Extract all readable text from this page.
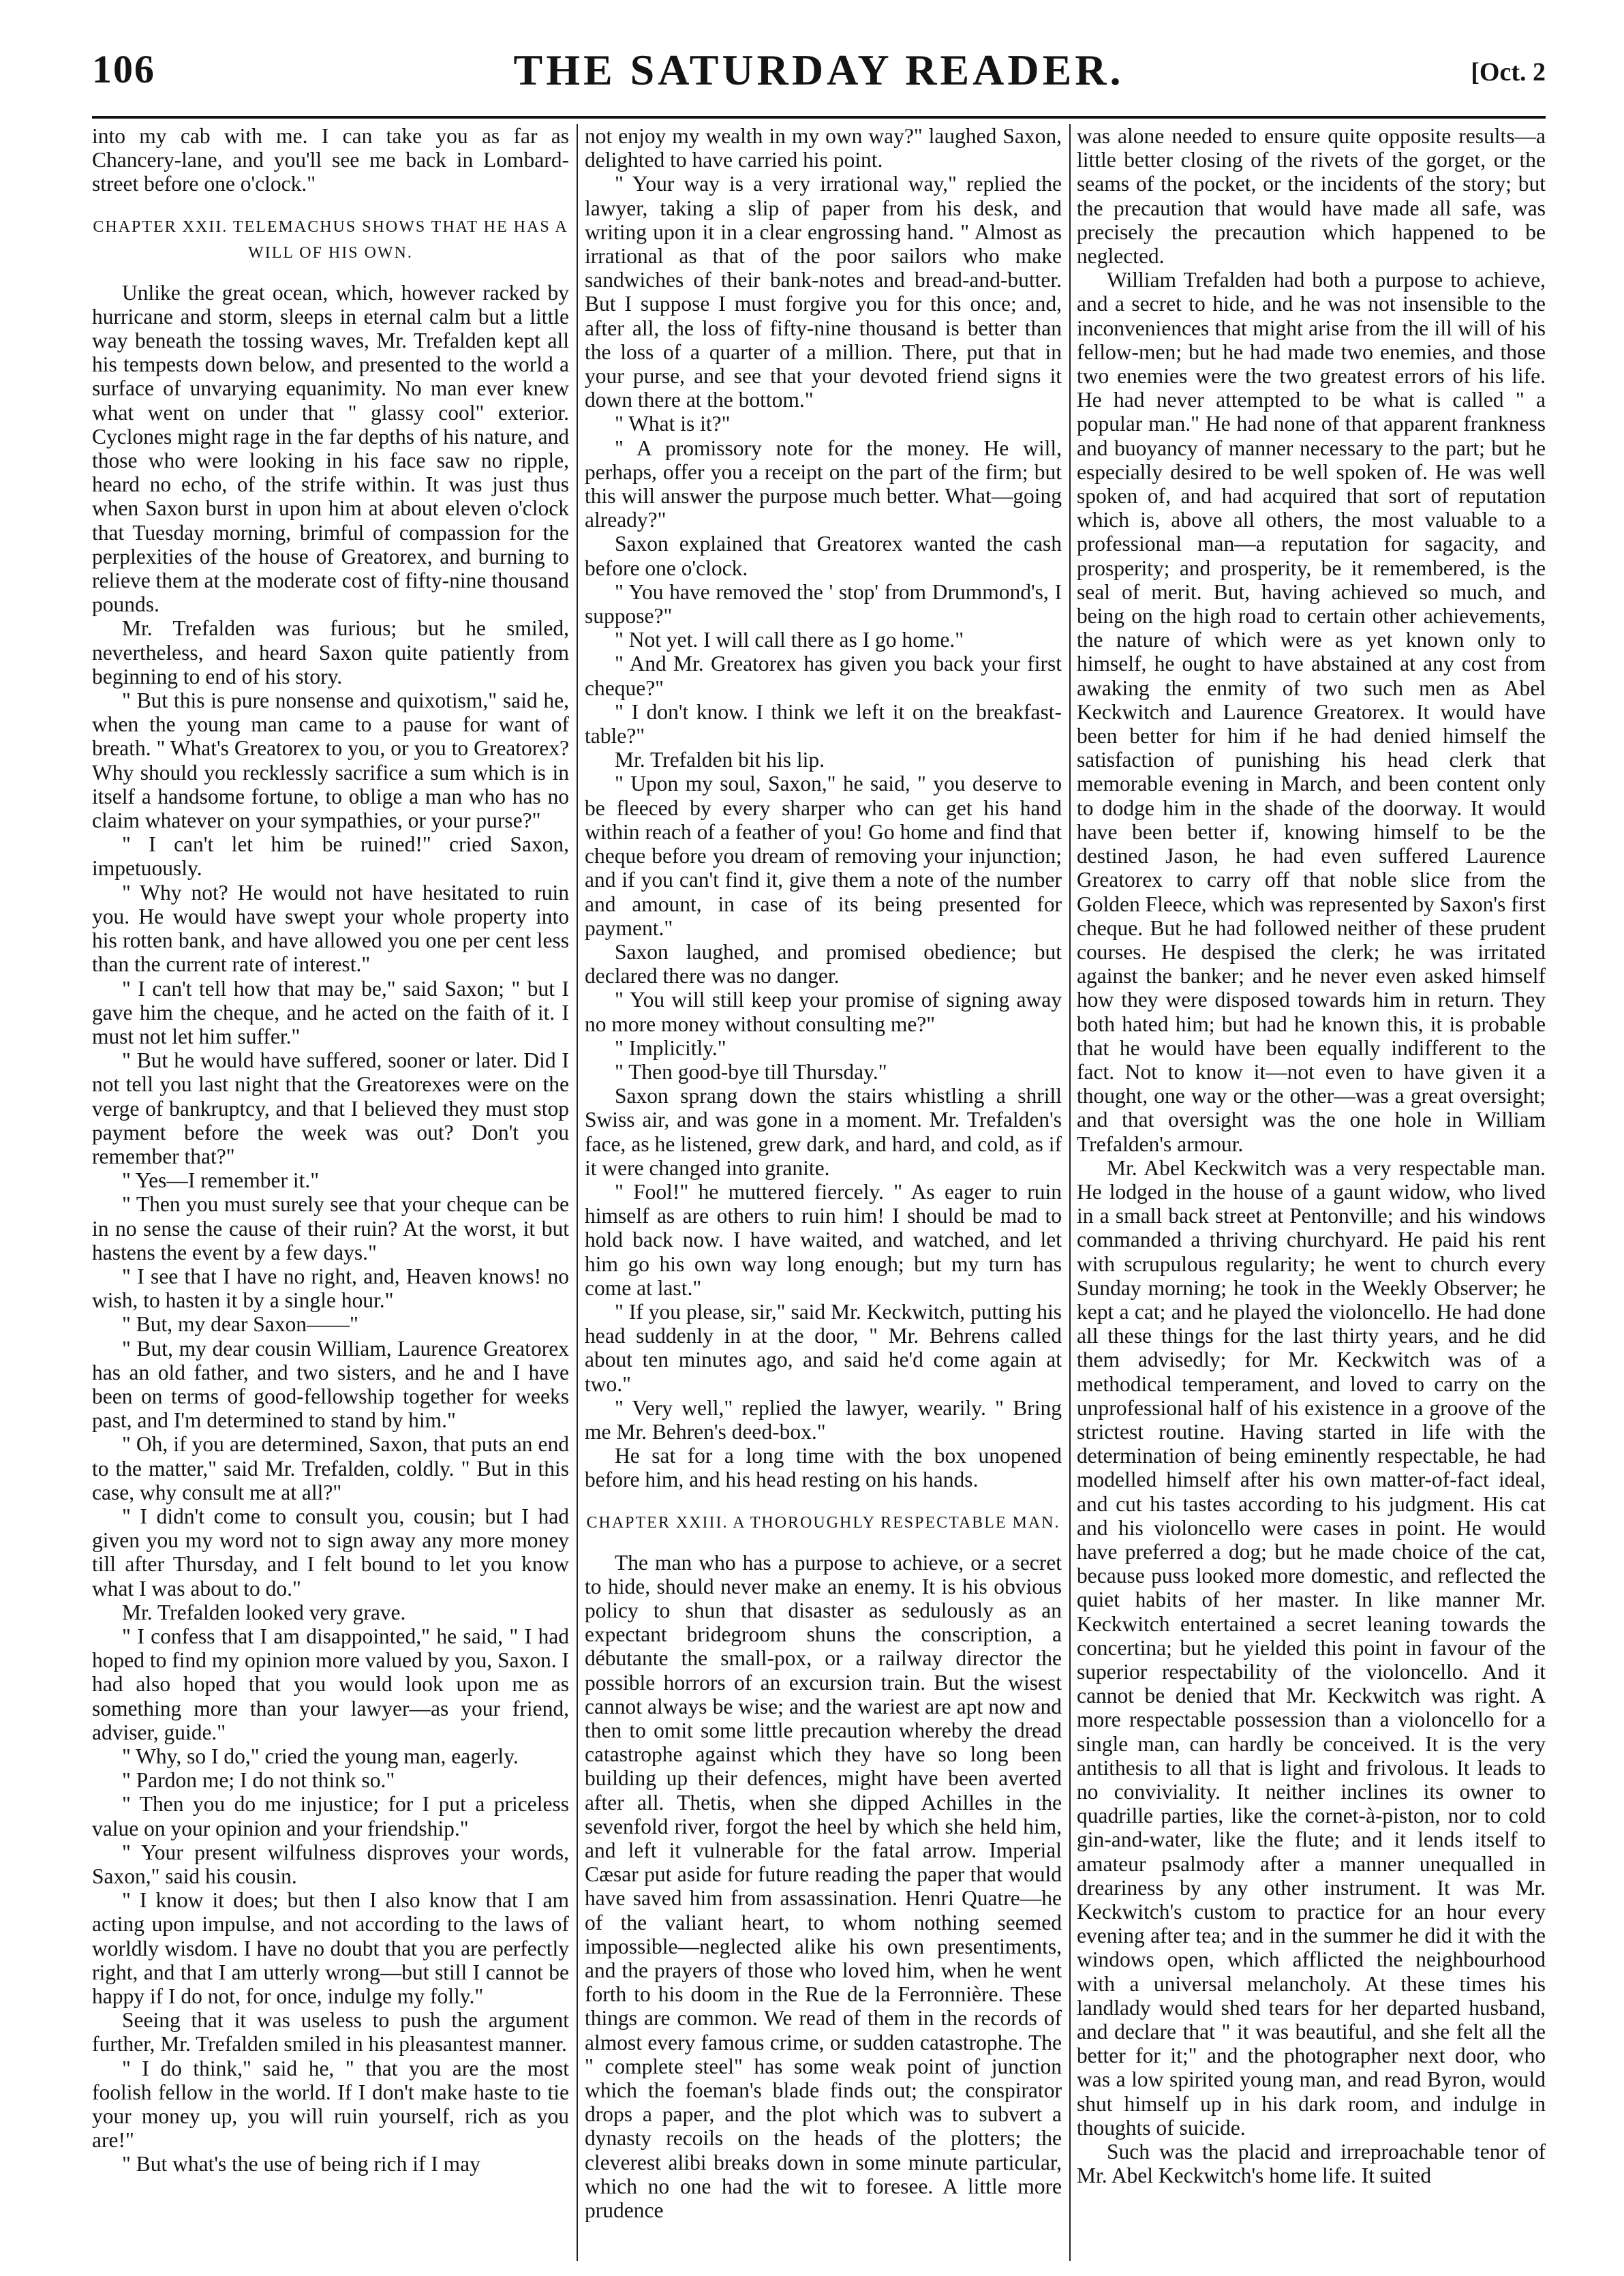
106	THE SATURDAY READER.	[Oct. 2

into my cab with me. I can take you as far as Chancery-lane, and you'll see me back in Lombard-street before one o'clock."

CHAPTER XXII. TELEMACHUS SHOWS THAT HE HAS A WILL OF HIS OWN.

Unlike the great ocean, which, however racked by hurricane and storm, sleeps in eternal calm but a little way beneath the tossing waves, Mr. Trefalden kept all his tempests down below, and presented to the world a surface of unvarying equanimity. No man ever knew what went on under that " glassy cool" exterior. Cyclones might rage in the far depths of his nature, and those who were looking in his face saw no ripple, heard no echo, of the strife within. It was just thus when Saxon burst in upon him at about eleven o'clock that Tuesday morning, brimful of compassion for the perplexities of the house of Greatorex, and burning to relieve them at the moderate cost of fifty-nine thousand pounds.

Mr. Trefalden was furious; but he smiled, nevertheless, and heard Saxon quite patiently from beginning to end of his story.

" But this is pure nonsense and quixotism," said he, when the young man came to a pause for want of breath. " What's Greatorex to you, or you to Greatorex? Why should you recklessly sacrifice a sum which is in itself a handsome fortune, to oblige a man who has no claim whatever on your sympathies, or your purse?"

" I can't let him be ruined!" cried Saxon, impetuously.

" Why not? He would not have hesitated to ruin you. He would have swept your whole property into his rotten bank, and have allowed you one per cent less than the current rate of interest."

" I can't tell how that may be," said Saxon; " but I gave him the cheque, and he acted on the faith of it. I must not let him suffer."

" But he would have suffered, sooner or later. Did I not tell you last night that the Greatorexes were on the verge of bankruptcy, and that I believed they must stop payment before the week was out? Don't you remember that?"

" Yes—I remember it."

" Then you must surely see that your cheque can be in no sense the cause of their ruin? At the worst, it but hastens the event by a few days."

" I see that I have no right, and, Heaven knows! no wish, to hasten it by a single hour."

" But, my dear Saxon——"

" But, my dear cousin William, Laurence Greatorex has an old father, and two sisters, and he and I have been on terms of good-fellowship together for weeks past, and I'm determined to stand by him."

" Oh, if you are determined, Saxon, that puts an end to the matter," said Mr. Trefalden, coldly. " But in this case, why consult me at all?"

" I didn't come to consult you, cousin; but I had given you my word not to sign away any more money till after Thursday, and I felt bound to let you know what I was about to do."

Mr. Trefalden looked very grave.

" I confess that I am disappointed," he said, " I had hoped to find my opinion more valued by you, Saxon. I had also hoped that you would look upon me as something more than your lawyer—as your friend, adviser, guide."

" Why, so I do," cried the young man, eagerly.

" Pardon me; I do not think so."

" Then you do me injustice; for I put a priceless value on your opinion and your friendship."

" Your present wilfulness disproves your words, Saxon," said his cousin.

" I know it does; but then I also know that I am acting upon impulse, and not according to the laws of worldly wisdom. I have no doubt that you are perfectly right, and that I am utterly wrong—but still I cannot be happy if I do not, for once, indulge my folly."

Seeing that it was useless to push the argument further, Mr. Trefalden smiled in his pleasantest manner.

" I do think," said he, " that you are the most foolish fellow in the world. If I don't make haste to tie your money up, you will ruin yourself, rich as you are!"

" But what's the use of being rich if I may

not enjoy my wealth in my own way?" laughed Saxon, delighted to have carried his point.

" Your way is a very irrational way," replied the lawyer, taking a slip of paper from his desk, and writing upon it in a clear engrossing hand. " Almost as irrational as that of the poor sailors who make sandwiches of their bank-notes and bread-and-butter. But I suppose I must forgive you for this once; and, after all, the loss of fifty-nine thousand is better than the loss of a quarter of a million. There, put that in your purse, and see that your devoted friend signs it down there at the bottom."

" What is it?"

" A promissory note for the money. He will, perhaps, offer you a receipt on the part of the firm; but this will answer the purpose much better. What—going already?"

Saxon explained that Greatorex wanted the cash before one o'clock.

" You have removed the ' stop' from Drummond's, I suppose?"

" Not yet. I will call there as I go home."

" And Mr. Greatorex has given you back your first cheque?"

" I don't know. I think we left it on the breakfast-table?"

Mr. Trefalden bit his lip.

" Upon my soul, Saxon," he said, " you deserve to be fleeced by every sharper who can get his hand within reach of a feather of you! Go home and find that cheque before you dream of removing your injunction; and if you can't find it, give them a note of the number and amount, in case of its being presented for payment."

Saxon laughed, and promised obedience; but declared there was no danger.

" You will still keep your promise of signing away no more money without consulting me?"

" Implicitly."

" Then good-bye till Thursday."

Saxon sprang down the stairs whistling a shrill Swiss air, and was gone in a moment. Mr. Trefalden's face, as he listened, grew dark, and hard, and cold, as if it were changed into granite.

" Fool!" he muttered fiercely. " As eager to ruin himself as are others to ruin him! I should be mad to hold back now. I have waited, and watched, and let him go his own way long enough; but my turn has come at last."

" If you please, sir," said Mr. Keckwitch, putting his head suddenly in at the door, " Mr. Behrens called about ten minutes ago, and said he'd come again at two."

" Very well," replied the lawyer, wearily. " Bring me Mr. Behren's deed-box."

He sat for a long time with the box unopened before him, and his head resting on his hands.

CHAPTER XXIII. A THOROUGHLY RESPECTABLE MAN.

The man who has a purpose to achieve, or a secret to hide, should never make an enemy. It is his obvious policy to shun that disaster as sedulously as an expectant bridegroom shuns the conscription, a débutante the small-pox, or a railway director the possible horrors of an excursion train. But the wisest cannot always be wise; and the wariest are apt now and then to omit some little precaution whereby the dread catastrophe against which they have so long been building up their defences, might have been averted after all. Thetis, when she dipped Achilles in the sevenfold river, forgot the heel by which she held him, and left it vulnerable for the fatal arrow. Imperial Cæsar put aside for future reading the paper that would have saved him from assassination. Henri Quatre—he of the valiant heart, to whom nothing seemed impossible—neglected alike his own presentiments, and the prayers of those who loved him, when he went forth to his doom in the Rue de la Ferronnière. These things are common. We read of them in the records of almost every famous crime, or sudden catastrophe. The " complete steel" has some weak point of junction which the foeman's blade finds out; the conspirator drops a paper, and the plot which was to subvert a dynasty recoils on the heads of the plotters; the cleverest alibi breaks down in some minute particular, which no one had the wit to foresee. A little more prudence

was alone needed to ensure quite opposite results—a little better closing of the rivets of the gorget, or the seams of the pocket, or the incidents of the story; but the precaution that would have made all safe, was precisely the precaution which happened to be neglected.

William Trefalden had both a purpose to achieve, and a secret to hide, and he was not insensible to the inconveniences that might arise from the ill will of his fellow-men; but he had made two enemies, and those two enemies were the two greatest errors of his life. He had never attempted to be what is called " a popular man." He had none of that apparent frankness and buoyancy of manner necessary to the part; but he especially desired to be well spoken of. He was well spoken of, and had acquired that sort of reputation which is, above all others, the most valuable to a professional man—a reputation for sagacity, and prosperity; and prosperity, be it remembered, is the seal of merit. But, having achieved so much, and being on the high road to certain other achievements, the nature of which were as yet known only to himself, he ought to have abstained at any cost from awaking the enmity of two such men as Abel Keckwitch and Laurence Greatorex. It would have been better for him if he had denied himself the satisfaction of punishing his head clerk that memorable evening in March, and been content only to dodge him in the shade of the doorway. It would have been better if, knowing himself to be the destined Jason, he had even suffered Laurence Greatorex to carry off that noble slice from the Golden Fleece, which was represented by Saxon's first cheque. But he had followed neither of these prudent courses. He despised the clerk; he was irritated against the banker; and he never even asked himself how they were disposed towards him in return. They both hated him; but had he known this, it is probable that he would have been equally indifferent to the fact. Not to know it—not even to have given it a thought, one way or the other—was a great oversight; and that oversight was the one hole in William Trefalden's armour.

Mr. Abel Keckwitch was a very respectable man. He lodged in the house of a gaunt widow, who lived in a small back street at Pentonville; and his windows commanded a thriving churchyard. He paid his rent with scrupulous regularity; he went to church every Sunday morning; he took in the Weekly Observer; he kept a cat; and he played the violoncello. He had done all these things for the last thirty years, and he did them advisedly; for Mr. Keckwitch was of a methodical temperament, and loved to carry on the unprofessional half of his existence in a groove of the strictest routine. Having started in life with the determination of being eminently respectable, he had modelled himself after his own matter-of-fact ideal, and cut his tastes according to his judgment. His cat and his violoncello were cases in point. He would have preferred a dog; but he made choice of the cat, because puss looked more domestic, and reflected the quiet habits of her master. In like manner Mr. Keckwitch entertained a secret leaning towards the concertina; but he yielded this point in favour of the superior respectability of the violoncello. And it cannot be denied that Mr. Keckwitch was right. A more respectable possession than a violoncello for a single man, can hardly be conceived. It is the very antithesis to all that is light and frivolous. It leads to no conviviality. It neither inclines its owner to quadrille parties, like the cornet-à-piston, nor to cold gin-and-water, like the flute; and it lends itself to amateur psalmody after a manner unequalled in dreariness by any other instrument. It was Mr. Keckwitch's custom to practice for an hour every evening after tea; and in the summer he did it with the windows open, which afflicted the neighbourhood with a universal melancholy. At these times his landlady would shed tears for her departed husband, and declare that " it was beautiful, and she felt all the better for it;" and the photographer next door, who was a low spirited young man, and read Byron, would shut himself up in his dark room, and indulge in thoughts of suicide.

Such was the placid and irreproachable tenor of Mr. Abel Keckwitch's home life. It suited
